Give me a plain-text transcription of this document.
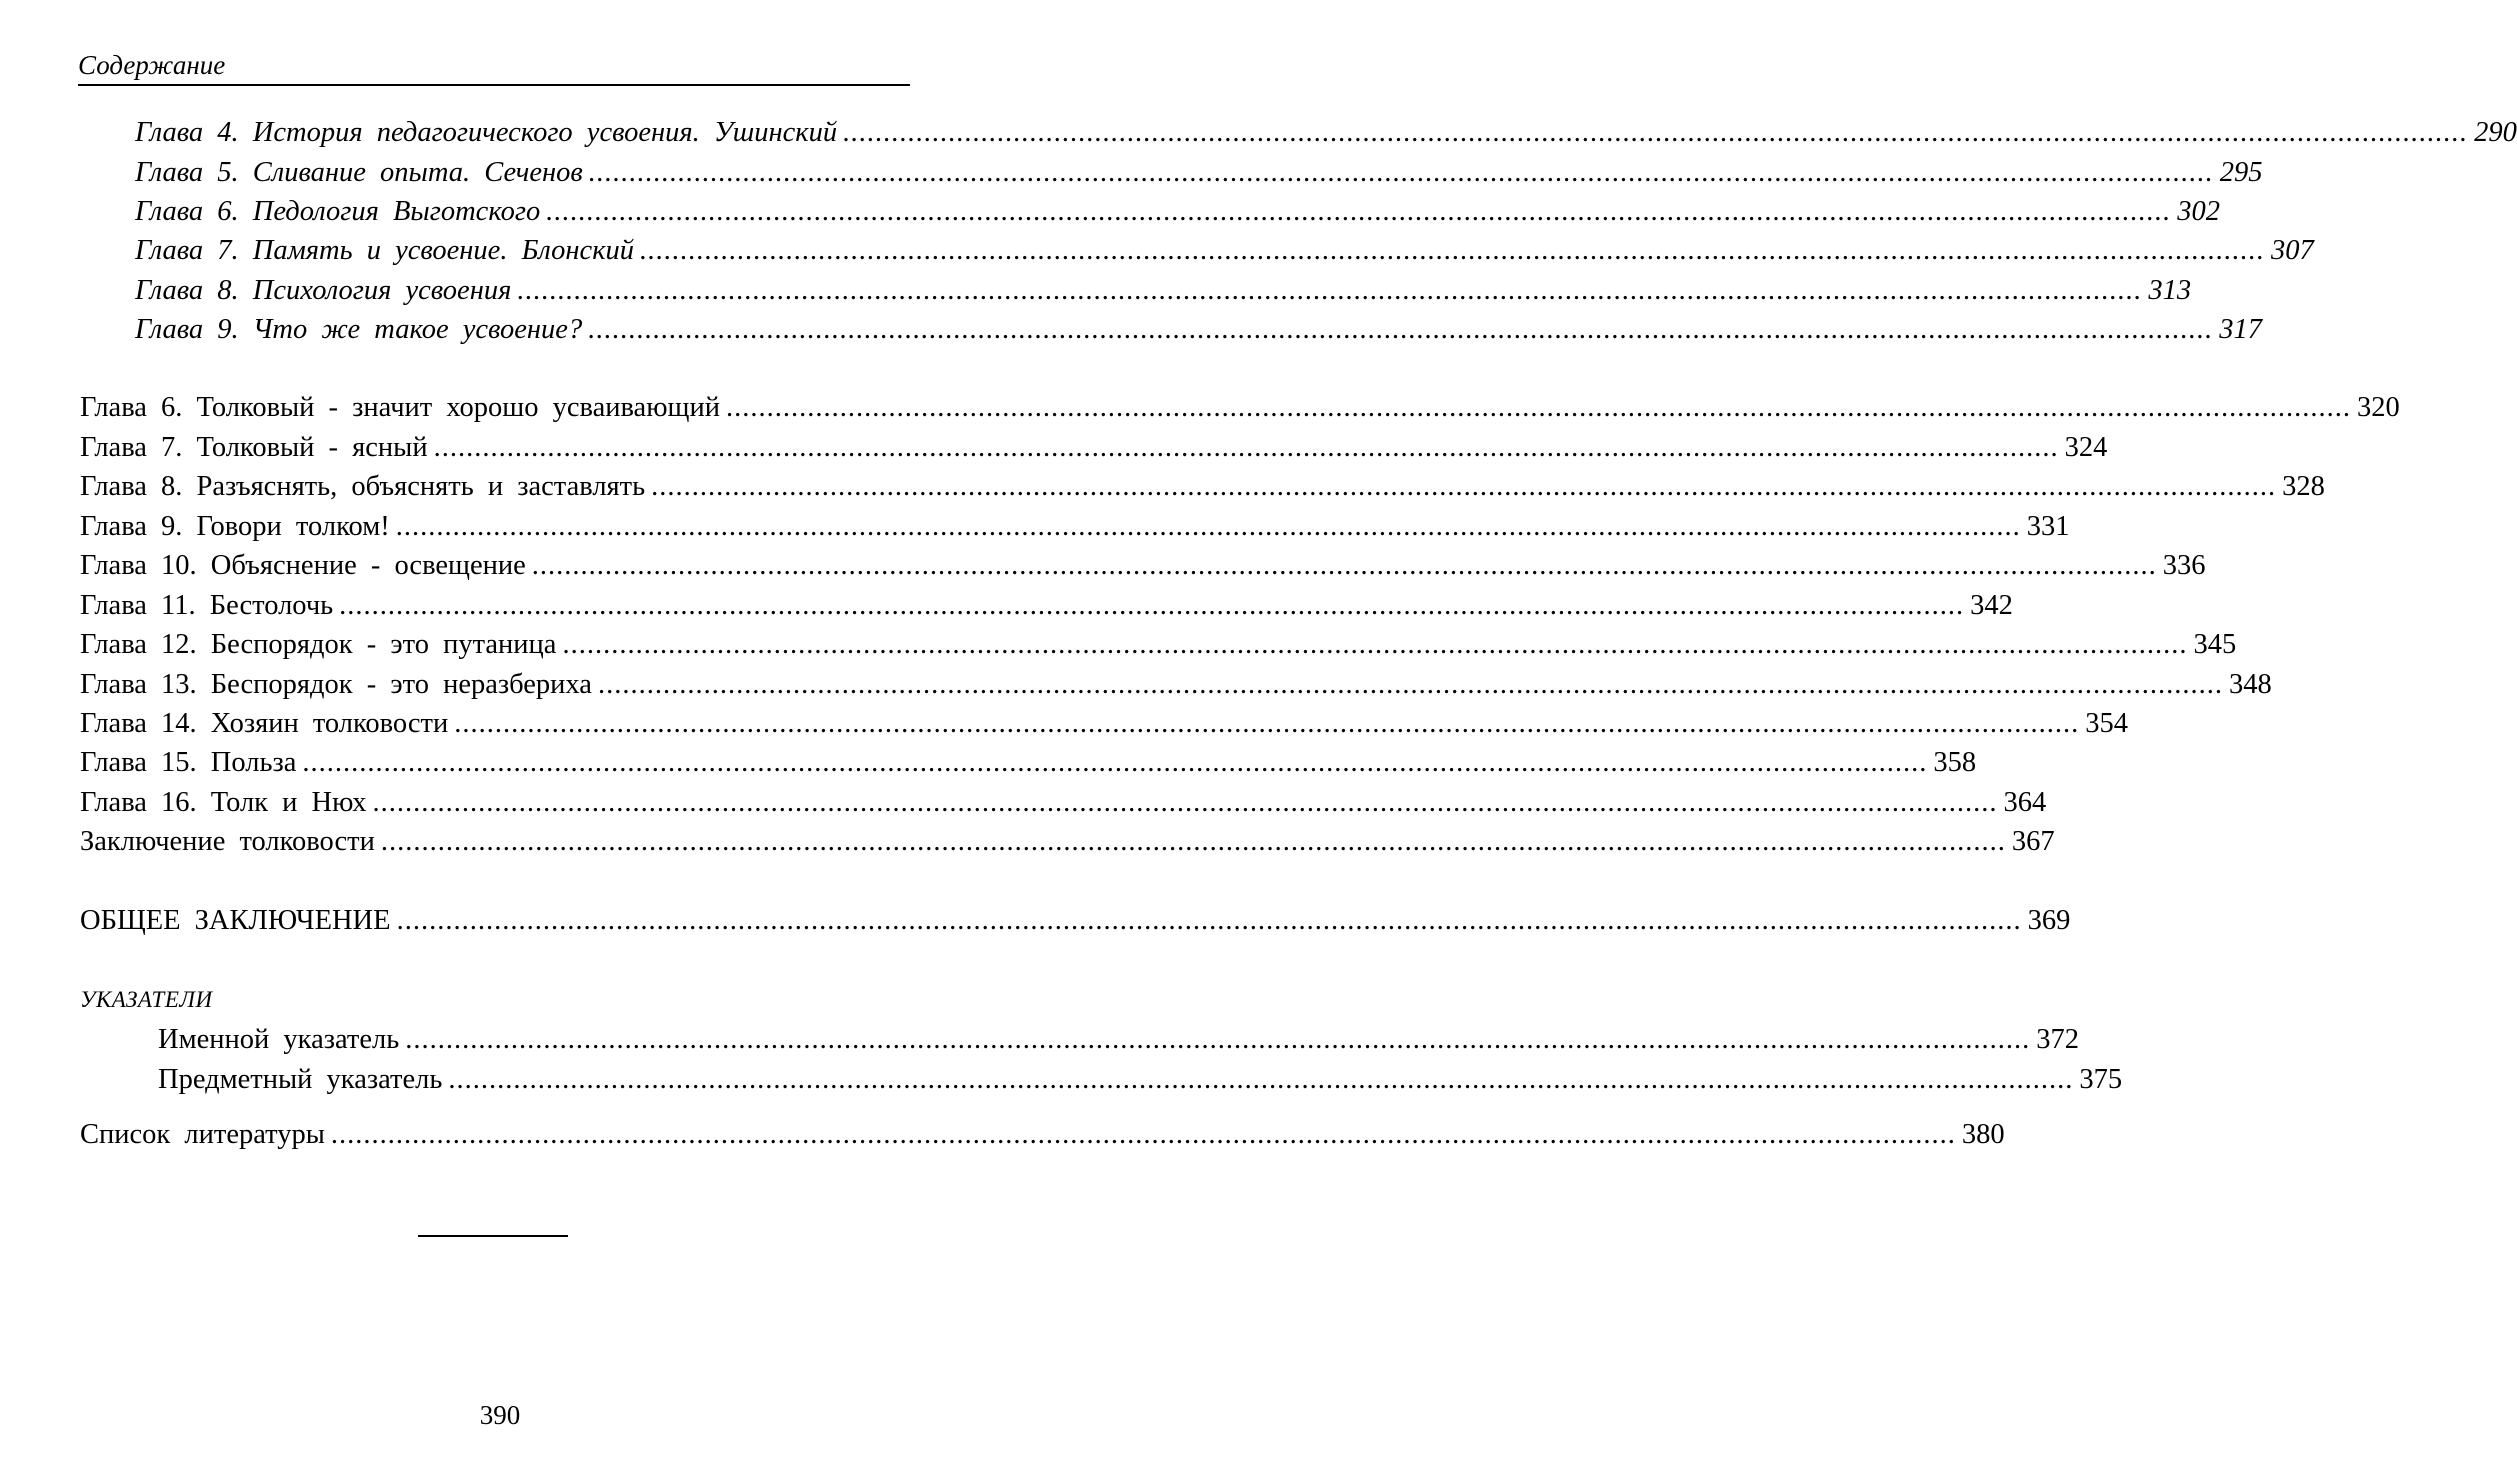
Содержание
Глава 4. История педагогического усвоения. Ушинский ........................................................................................................................................................................................................ 290
Глава 5. Сливание опыта. Сеченов ........................................................................................................................................................................................................ 295
Глава 6. Педология Выготского ........................................................................................................................................................................................................ 302
Глава 7. Память и усвоение. Блонский ........................................................................................................................................................................................................ 307
Глава 8. Психология усвоения ........................................................................................................................................................................................................ 313
Глава 9. Что же такое усвоение? ........................................................................................................................................................................................................ 317
Глава 6. Толковый - значит хорошо усваивающий ........................................................................................................................................................................................................ 320
Глава 7. Толковый - ясный ........................................................................................................................................................................................................ 324
Глава 8. Разъяснять, объяснять и заставлять ........................................................................................................................................................................................................ 328
Глава 9. Говори толком! ........................................................................................................................................................................................................ 331
Глава 10. Объяснение - освещение ........................................................................................................................................................................................................ 336
Глава 11. Бестолочь ........................................................................................................................................................................................................ 342
Глава 12. Беспорядок - это путаница ........................................................................................................................................................................................................ 345
Глава 13. Беспорядок - это неразбериха ........................................................................................................................................................................................................ 348
Глава 14. Хозяин толковости ........................................................................................................................................................................................................ 354
Глава 15. Польза ........................................................................................................................................................................................................ 358
Глава 16. Толк и Нюх ........................................................................................................................................................................................................ 364
Заключение толковости ........................................................................................................................................................................................................ 367
ОБЩЕЕ ЗАКЛЮЧЕНИЕ ........................................................................................................................................................................................................ 369
УКАЗАТЕЛИ
Именной указатель ........................................................................................................................................................................................................ 372
Предметный указатель ........................................................................................................................................................................................................ 375
Список литературы ........................................................................................................................................................................................................ 380
390
